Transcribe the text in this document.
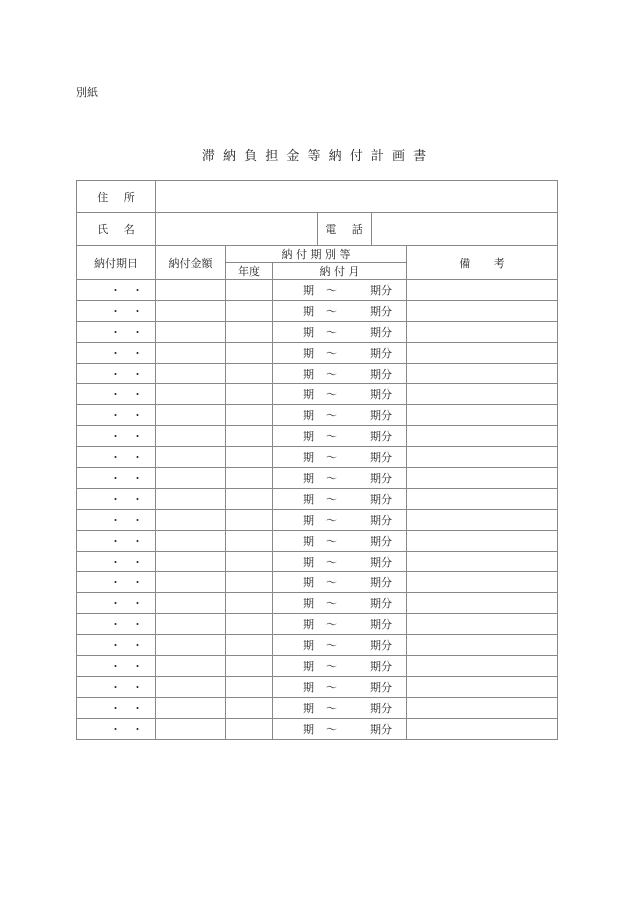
別紙
滞 納 負 担 金 等 納 付 計 画 書
住 所				
氏 名	電 話			

納付期日	納付金額	納 付 期 別 等		備 考
		年度	納 付 月	

・ ・			期 〜 期分	

・ ・			期 〜 期分	

・ ・			期 〜 期分	

・ ・			期 〜 期分	

・ ・			期 〜 期分	

・ ・			期 〜 期分	

・ ・			期 〜 期分	

・ ・			期 〜 期分	

・ ・			期 〜 期分	

・ ・			期 〜 期分	

・ ・			期 〜 期分	

・ ・			期 〜 期分	

・ ・			期 〜 期分	

・ ・			期 〜 期分	

・ ・			期 〜 期分	

・ ・			期 〜 期分	

・ ・			期 〜 期分	

・ ・			期 〜 期分	

・ ・			期 〜 期分	

・ ・			期 〜 期分	

・ ・			期 〜 期分	

・ ・			期 〜 期分	
